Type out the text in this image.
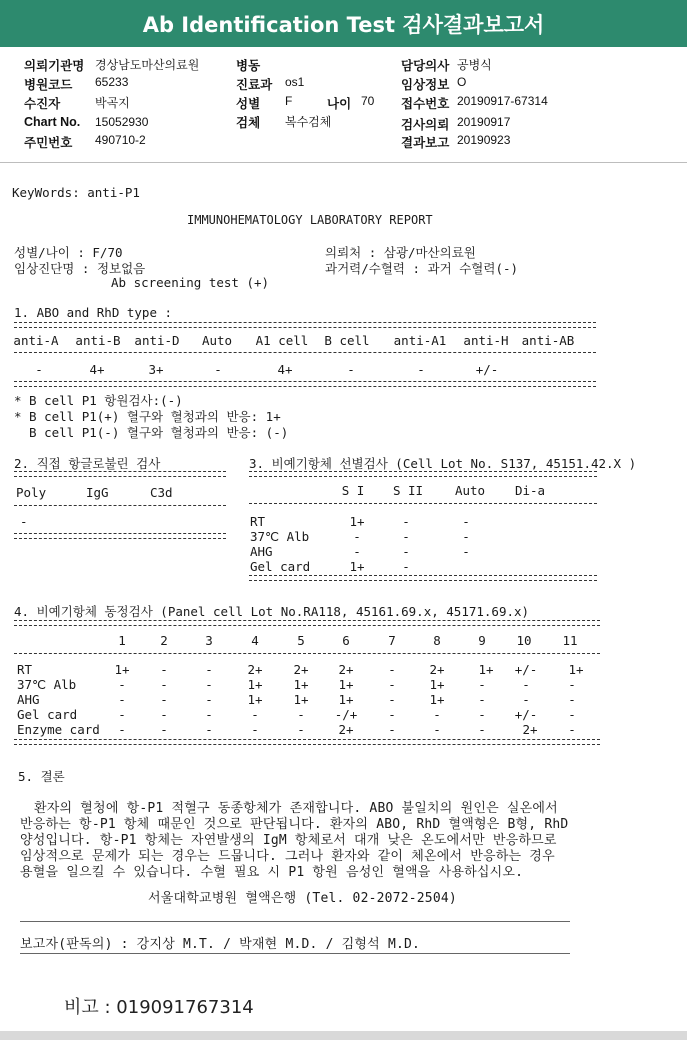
Ab Identification Test 검사결과보고서
의뢰기관명 경상남도마산의료원
병원코드 65233
수진자	박곡지
Chart No. 15052930
주민번호 490710-2
병동
진료과 os1
성별 F	나이 70
검체 복수검체
담당의사 공병식
임상정보 O
접수번호 20190917-67314
검사의뢰 20190917
결과보고 20190923
KeyWords: anti-P1
IMMUNOHEMATOLOGY LABORATORY REPORT
성별/나이 : F/70
임상진단명 : 정보없음
Ab screening test (+)
의뢰처 : 삼광/마산의료원
과거력/수혈력 : 과거 수혈력(-)
1. ABO and RhD type :
anti-A	anti-B	anti-D	Auto	A1 cell	B cell	anti-A1	anti-H	anti-AB
-	4+	3+	-	4+	-	-	+/-
* B cell P1 항원검사:(-)
* B cell P1(+) 혈구와 혈청과의 반응: 1+
B cell P1(-) 혈구와 혈청과의 반응: (-)
2. 직접 항글로불린 검사
Poly	IgG	C3d
-
3. 비예기항체 선별검사 (Cell Lot No. S137, 45151.42.X )
S I	S II	Auto	Di-a
RT	1+	-	-
37℃ Alb	-	-	-
AHG	-	-	-
Gel card	1+	-
4. 비예기항체 동정검사 (Panel cell Lot No.RA118, 45161.69.x, 45171.69.x)
1	2	3	4	5	6	7	8	9	10	11
RT	1+	-	-	2+	2+	2+	-	2+	1+	+/-	1+
37℃ Alb	-	-	-	1+	1+	1+	-	1+	-	-	-
AHG	-	-	-	1+	1+	1+	-	1+	-	-	-
Gel card	-	-	-	-	-	-/+	-	-	-	+/-	-
Enzyme card	-	-	-	-	-	2+	-	-	-	2+	-
5. 결론
환자의 혈청에 항-P1 적혈구 동종항체가 존재합니다. ABO 불일치의 원인은 실온에서
반응하는 항-P1 항체 때문인 것으로 판단됩니다. 환자의 ABO, RhD 혈액형은 B형, RhD
양성입니다. 항-P1 항체는 자연발생의 IgM 항체로서 대개 낮은 온도에서만 반응하므로
임상적으로 문제가 되는 경우는 드뭅니다. 그러나 환자와 같이 체온에서 반응하는 경우
용혈을 일으킬 수 있습니다. 수혈 필요 시 P1 항원 음성인 혈액을 사용하십시오.
서울대학교병원 혈액은행 (Tel. 02-2072-2504)
보고자(판독의) : 강지상 M.T. / 박재현 M.D. / 김형석 M.D.
비고 : 019091767314
